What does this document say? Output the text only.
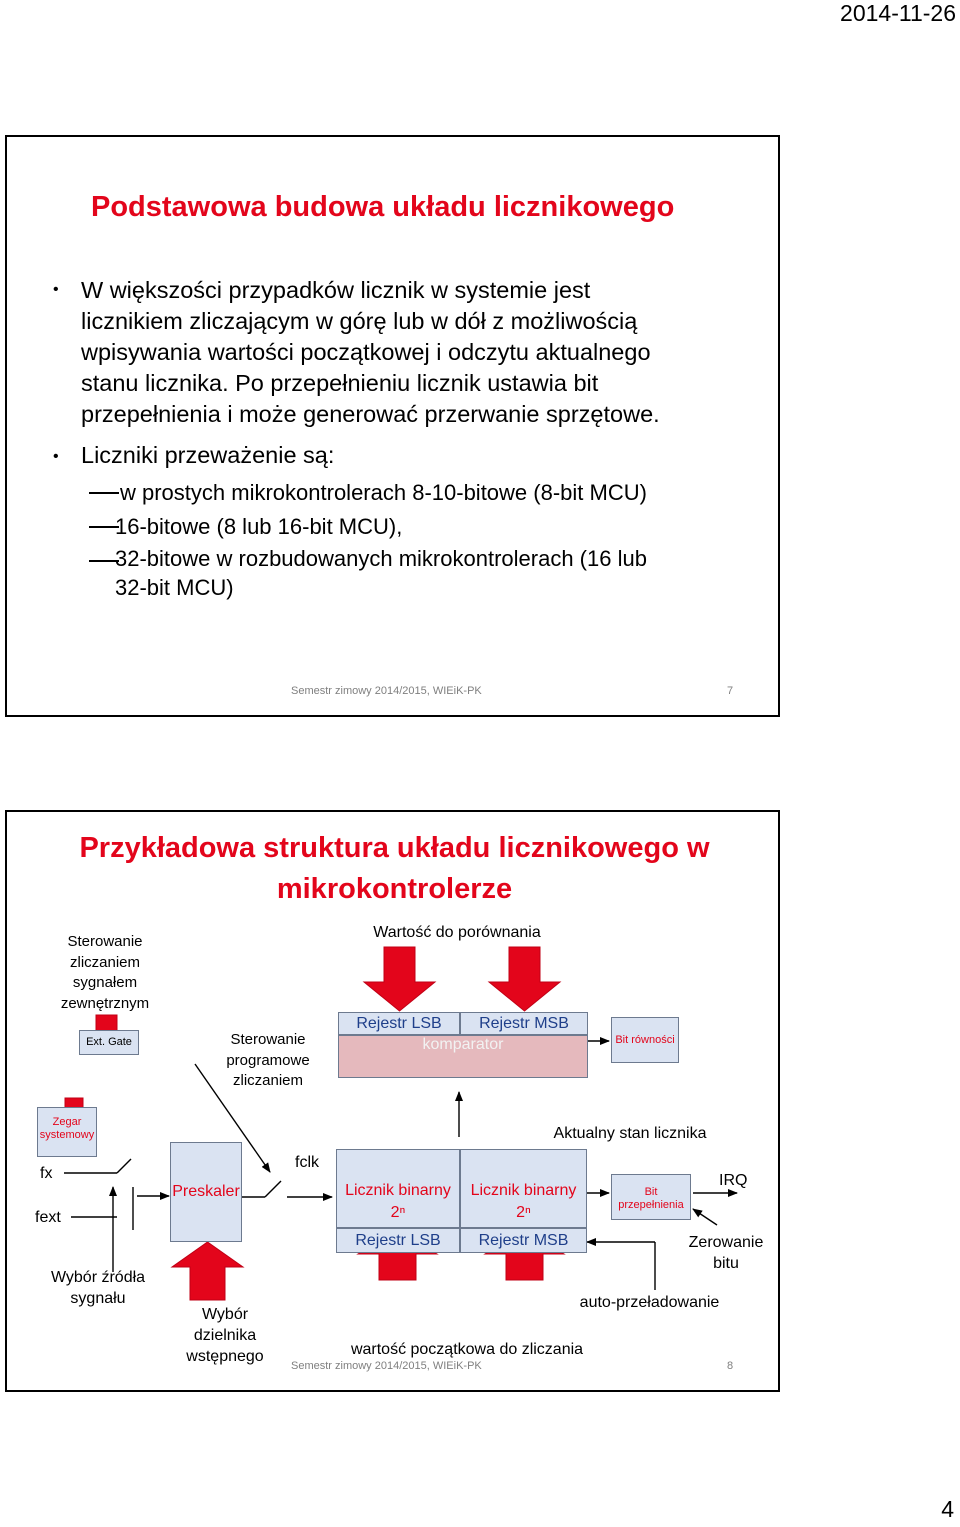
2014-11-26
Podstawowa budowa układu licznikowego
• W większości przypadków licznik w systemie jest
licznikiem zliczającym w górę lub w dół z możliwością
wpisywania wartości początkowej i odczytu aktualnego
stanu licznika. Po przepełnieniu licznik ustawia bit
przepełnienia i może generować przerwanie sprzętowe.
• Liczniki przeważenie są:
w prostych mikrokontrolerach 8-10-bitowe (8-bit MCU)
16-bitowe (8 lub 16-bit MCU),
32-bitowe w rozbudowanych mikrokontrolerach (16 lub
32-bit MCU)
Semestr zimowy 2014/2015, WIEiK-PK	7
Przykładowa struktura układu licznikowego w
mikrokontrolerze
Sterowanie
zliczaniem
sygnałem
zewnętrznym
Ext. Gate	Sterowanie
programowe
zliczaniem
Wartość do porównania
Rejestr LSB	Rejestr MSB
komparator	Bit równości
Zegar
systemowy
fx
fext
Wybór źródła
sygnału
Preskaler
Wybór
dzielnika
wstępnego
fclk
Licznik binarny
2ⁿ
Licznik binarny
2ⁿ
Rejestr LSB	Rejestr MSB
Aktualny stan licznika
Bit
przepełnienia
IRQ
Zerowanie
bitu
auto-przeładowanie
wartość początkowa do zliczania
Semestr zimowy 2014/2015, WIEiK-PK	8
4
